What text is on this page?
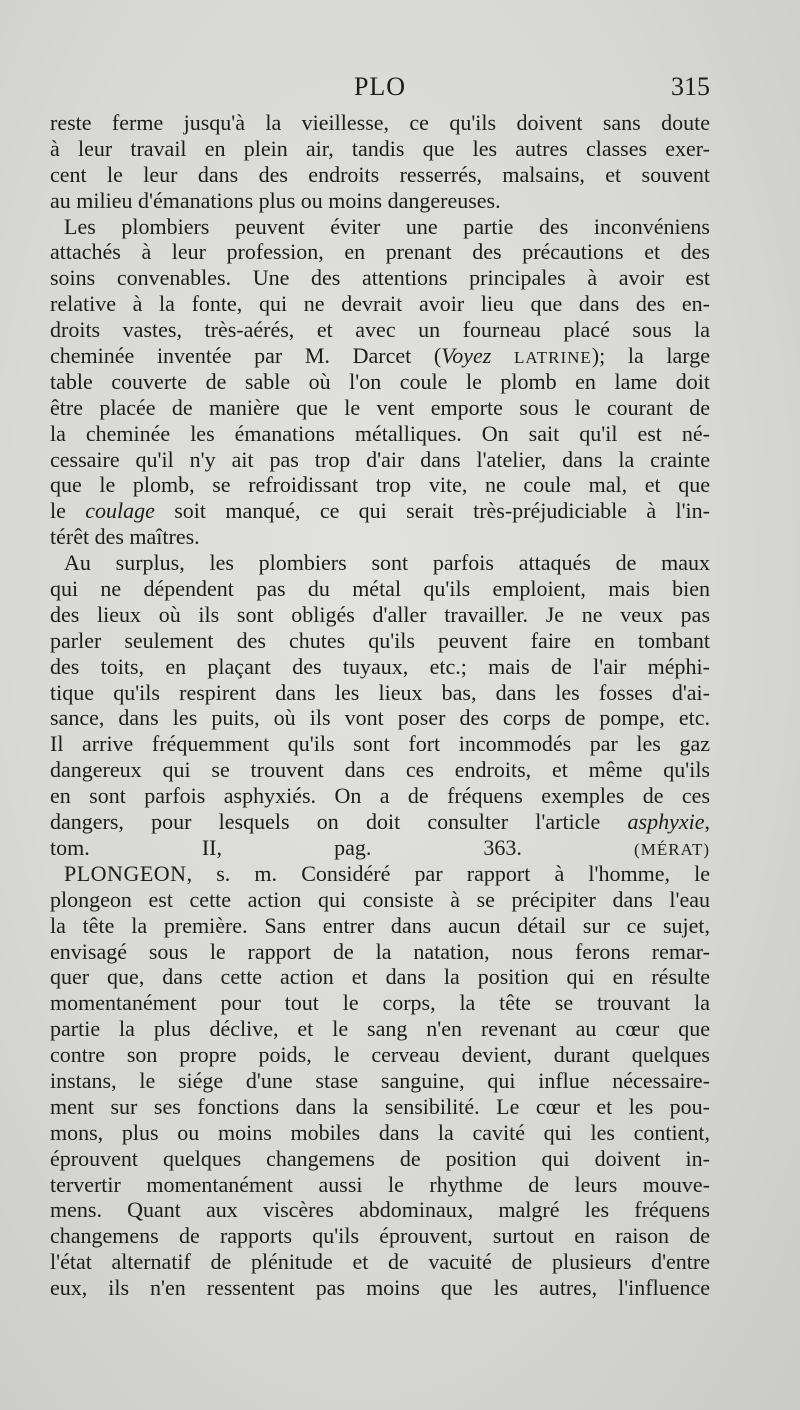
PLO	315
reste ferme jusqu'à la vieillesse, ce qu'ils doivent sans doute
à leur travail en plein air, tandis que les autres classes exer-
cent le leur dans des endroits resserrés, malsains, et souvent
au milieu d'émanations plus ou moins dangereuses.
Les plombiers peuvent éviter une partie des inconvéniens
attachés à leur profession, en prenant des précautions et des
soins convenables. Une des attentions principales à avoir est
relative à la fonte, qui ne devrait avoir lieu que dans des en-
droits vastes, très-aérés, et avec un fourneau placé sous la
cheminée inventée par M. Darcet (Voyez LATRINE); la large
table couverte de sable où l'on coule le plomb en lame doit
être placée de manière que le vent emporte sous le courant de
la cheminée les émanations métalliques. On sait qu'il est né-
cessaire qu'il n'y ait pas trop d'air dans l'atelier, dans la crainte
que le plomb, se refroidissant trop vite, ne coule mal, et que
le coulage soit manqué, ce qui serait très-préjudiciable à l'in-
térêt des maîtres.
Au surplus, les plombiers sont parfois attaqués de maux
qui ne dépendent pas du métal qu'ils emploient, mais bien
des lieux où ils sont obligés d'aller travailler. Je ne veux pas
parler seulement des chutes qu'ils peuvent faire en tombant
des toits, en plaçant des tuyaux, etc.; mais de l'air méphi-
tique qu'ils respirent dans les lieux bas, dans les fosses d'ai-
sance, dans les puits, où ils vont poser des corps de pompe, etc.
Il arrive fréquemment qu'ils sont fort incommodés par les gaz
dangereux qui se trouvent dans ces endroits, et même qu'ils
en sont parfois asphyxiés. On a de fréquens exemples de ces
dangers, pour lesquels on doit consulter l'article asphyxie,
tom. II, pag. 363.	(MÉRAT)
PLONGEON, s. m. Considéré par rapport à l'homme, le
plongeon est cette action qui consiste à se précipiter dans l'eau
la tête la première. Sans entrer dans aucun détail sur ce sujet,
envisagé sous le rapport de la natation, nous ferons remar-
quer que, dans cette action et dans la position qui en résulte
momentanément pour tout le corps, la tête se trouvant la
partie la plus déclive, et le sang n'en revenant au cœur que
contre son propre poids, le cerveau devient, durant quelques
instans, le siége d'une stase sanguine, qui influe nécessaire-
ment sur ses fonctions dans la sensibilité. Le cœur et les pou-
mons, plus ou moins mobiles dans la cavité qui les contient,
éprouvent quelques changemens de position qui doivent in-
tervertir momentanément aussi le rhythme de leurs mouve-
mens. Quant aux viscères abdominaux, malgré les fréquens
changemens de rapports qu'ils éprouvent, surtout en raison de
l'état alternatif de plénitude et de vacuité de plusieurs d'entre
eux, ils n'en ressentent pas moins que les autres, l'influence
